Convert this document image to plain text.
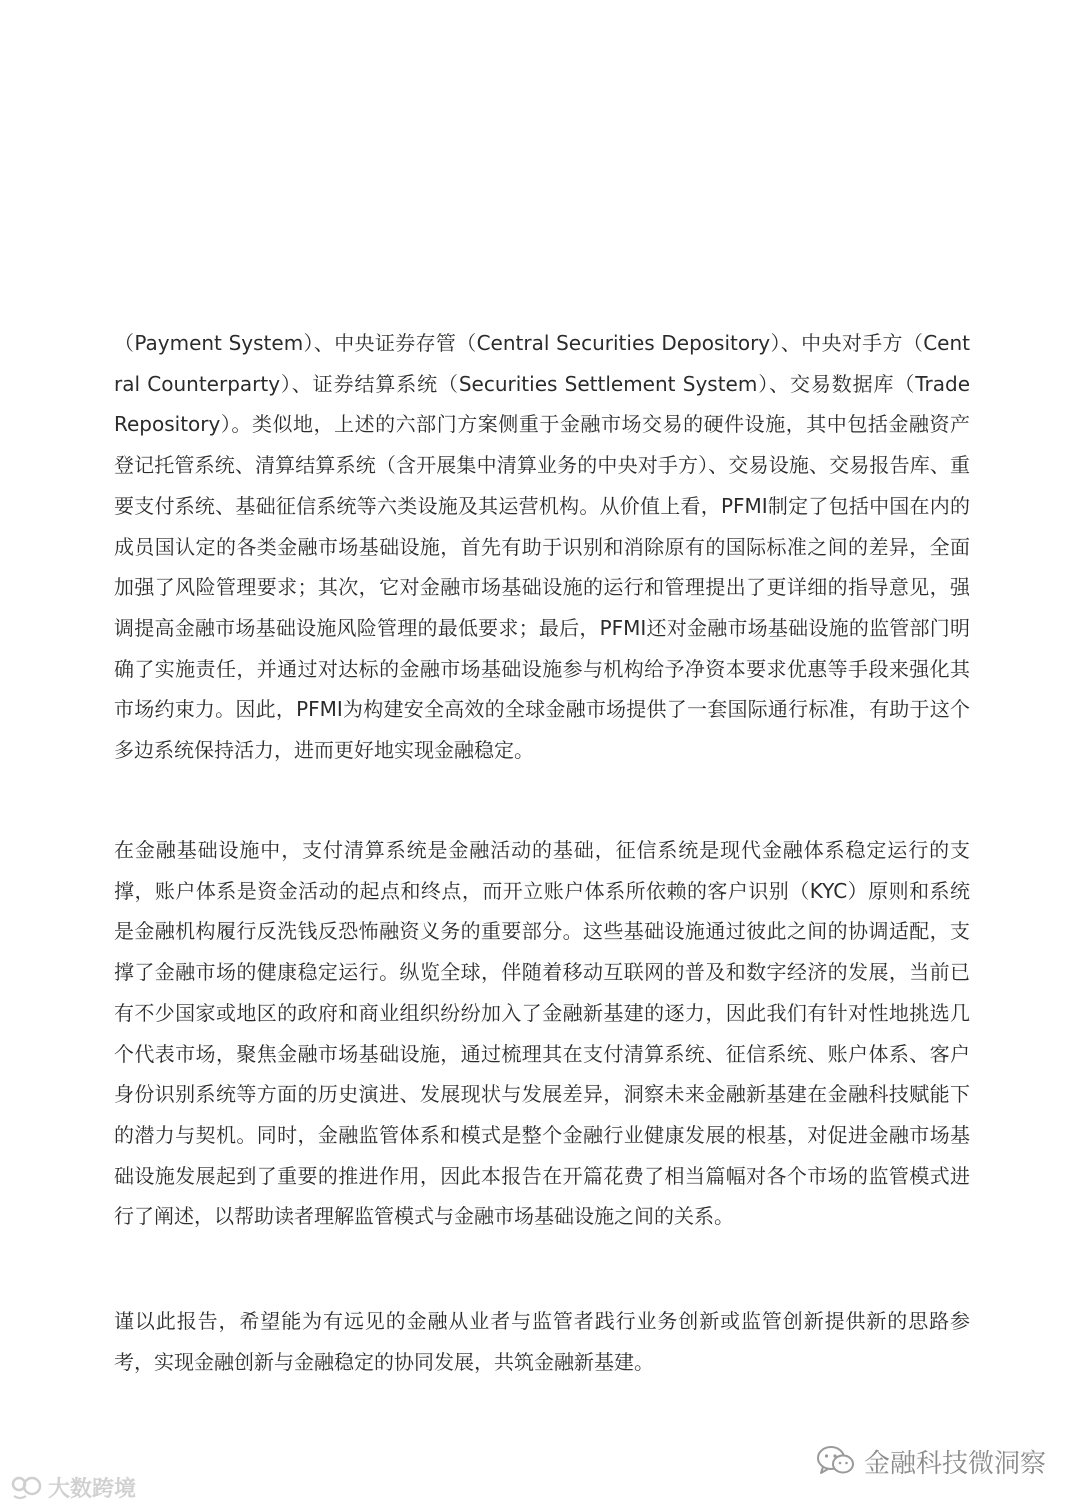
（Payment System）、中央证券存管（Central Securities Depository）、中央对手方（Central Counterparty）、证券结算系统（Securities Settlement System）、交易数据库（Trade Repository）。类似地，上述的六部门方案侧重于金融市场交易的硬件设施，其中包括金融资产登记托管系统、清算结算系统（含开展集中清算业务的中央对手方）、交易设施、交易报告库、重要支付系统、基础征信系统等六类设施及其运营机构。从价值上看，PFMI制定了包括中国在内的成员国认定的各类金融市场基础设施，首先有助于识别和消除原有的国际标准之间的差异，全面加强了风险管理要求；其次，它对金融市场基础设施的运行和管理提出了更详细的指导意见，强调提高金融市场基础设施风险管理的最低要求；最后，PFMI还对金融市场基础设施的监管部门明确了实施责任，并通过对达标的金融市场基础设施参与机构给予净资本要求优惠等手段来强化其市场约束力。因此，PFMI为构建安全高效的全球金融市场提供了一套国际通行标准，有助于这个多边系统保持活力，进而更好地实现金融稳定。

在金融基础设施中，支付清算系统是金融活动的基础，征信系统是现代金融体系稳定运行的支撑，账户体系是资金活动的起点和终点，而开立账户体系所依赖的客户识别（KYC）原则和系统是金融机构履行反洗钱反恐怖融资义务的重要部分。这些基础设施通过彼此之间的协调适配，支撑了金融市场的健康稳定运行。纵览全球，伴随着移动互联网的普及和数字经济的发展，当前已有不少国家或地区的政府和商业组织纷纷加入了金融新基建的逐力，因此我们有针对性地挑选几个代表市场，聚焦金融市场基础设施，通过梳理其在支付清算系统、征信系统、账户体系、客户身份识别系统等方面的历史演进、发展现状与发展差异，洞察未来金融新基建在金融科技赋能下的潜力与契机。同时，金融监管体系和模式是整个金融行业健康发展的根基，对促进金融市场基础设施发展起到了重要的推进作用，因此本报告在开篇花费了相当篇幅对各个市场的监管模式进行了阐述，以帮助读者理解监管模式与金融市场基础设施之间的关系。

谨以此报告，希望能为有远见的金融从业者与监管者践行业务创新或监管创新提供新的思路参考，实现金融创新与金融稳定的协同发展，共筑金融新基建。

大数跨境
金融科技微洞察
